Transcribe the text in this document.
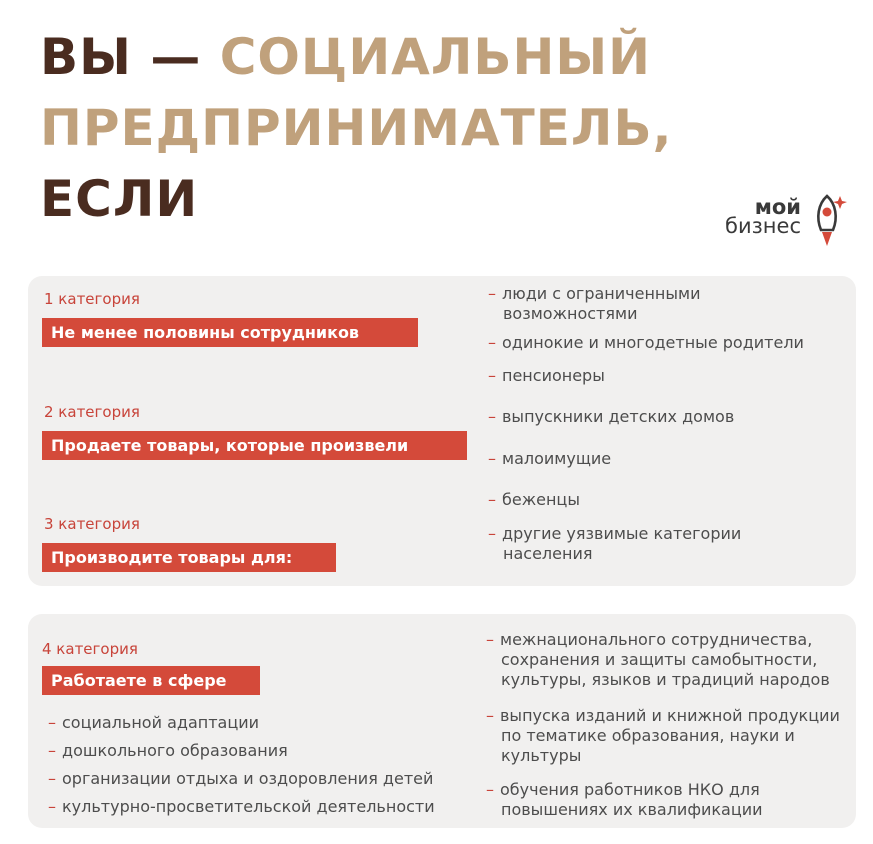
ВЫ — СОЦИАЛЬНЫЙ
ПРЕДПРИНИМАТЕЛЬ,
ЕСЛИ	мой
бизнес
1 категория
Не менее половины сотрудников
2 категория
Продаете товары, которые произвели
3 категория
Производите товары для:
– люди с ограниченными возможностями
– одинокие и многодетные родители
– пенсионеры
– выпускники детских домов
– малоимущие
– беженцы
– другие уязвимые категории населения
4 категория
Работаете в сфере
– социальной адаптации
– дошкольного образования
– организации отдыха и оздоровления детей
– культурно-просветительской деятельности
– межнационального сотрудничества, сохранения и защиты самобытности, культуры, языков и традиций народов
– выпуска изданий и книжной продукции по тематике образования, науки и культуры
– обучения работников НКО для повышениях их квалификации
